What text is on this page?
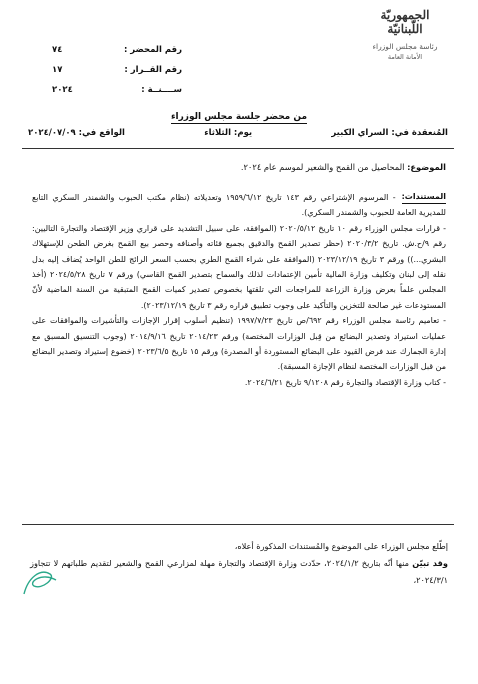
الجمهوريّة
اللّبنانيّة
رئاسة مجلس الوزراء
الأمانة العامة
رقم المحضر :
٧٤
رقم القــرار :
١٧
ســــنــة :
٢٠٢٤
من محضر جلسة مجلس الوزراء
المُنعقدة في: السراي الكبير
يوم: الثلاثاء
الواقع في: ٢٠٢٤/٠٧/٠٩
الموضوع: المحاصيل من القمح والشعير لموسم عام ٢٠٢٤.
المستندات:

- المرسوم الإشتراعي رقم ١٤٣ تاريخ ١٩٥٩/٦/١٢ وتعديلاته (نظام مكتب الحبوب والشمندر السكري التابع للمديرية العامة للحبوب والشمندر السكري).

- قرارات مجلس الوزراء رقم ١٠ تاريخ ٢٠٢٠/٥/١٢ (الموافقة، على سبيل التشديد على قراري وزير الإقتصاد والتجارة التاليين: رقم ٩/ح.ش. تاريخ ٢٠٢٠/٣/٢ (حظر تصدير القمح والدقيق بجميع فئاته وأصنافه وحصر بيع القمح بغرض الطحن للإستهلاك البشري...)) ورقم ٣ تاريخ ٢٠٢٣/١٢/١٩ (الموافقة على شراء القمح الطري بحسب السعر الرائج للطن الواحد يُضاف إليه بدل نقله إلى لبنان وتكليف وزارة المالية تأمين الإعتمادات لذلك والسماح بتصدير القمح القاسي) ورقم ٧ تاريخ ٢٠٢٤/٥/٢٨ (أخذ المجلس علماً بعرض وزارة الزراعة للمراجعات التي تلقتها بخصوص تصدير كميات القمح المتبقية من السنة الماضية لأنّ المستودعات غير صالحة للتخزين والتأكيد على وجوب تطبيق قراره رقم ٣ تاريخ ٢٠٢٣/١٢/١٩).

- تعاميم رئاسة مجلس الوزراء رقم ٦٩٢/ص تاريخ ١٩٩٧/٧/٢٣ (تنظيم أسلوب إقرار الإجازات والتأشيرات والموافقات على عمليات استيراد وتصدير البضائع من قِبل الوزارات المختصة) ورقم ٢٠١٤/٢٣ تاريخ ٢٠١٤/٩/١٦ (وجوب التنسيق المسبق مع إدارة الجمارك عند فرض القيود على البضائع المستوردة أو المصدرة) ورقم ١٥ تاريخ ٢٠٢٣/٦/٥ (خضوع إستيراد وتصدير البضائع من قبل الوزارات المختصة لنظام الإجازة المسبقة).

- كتاب وزارة الإقتصاد والتجارة رقم ٩/١٢٠٨ تاريخ ٢٠٢٤/٦/٢١.

إطّلع مجلس الوزراء على الموضوع والمُستندات المذكورة أعلاه،
وقد تبيّن منها أنّه بتاريخ ٢٠٢٤/١/٢، حدّدت وزارة الإقتصاد والتجارة مهلة لمزارعي القمح والشعير لتقديم طلباتهم لا تتجاوز ٢٠٢٤/٣/١،
